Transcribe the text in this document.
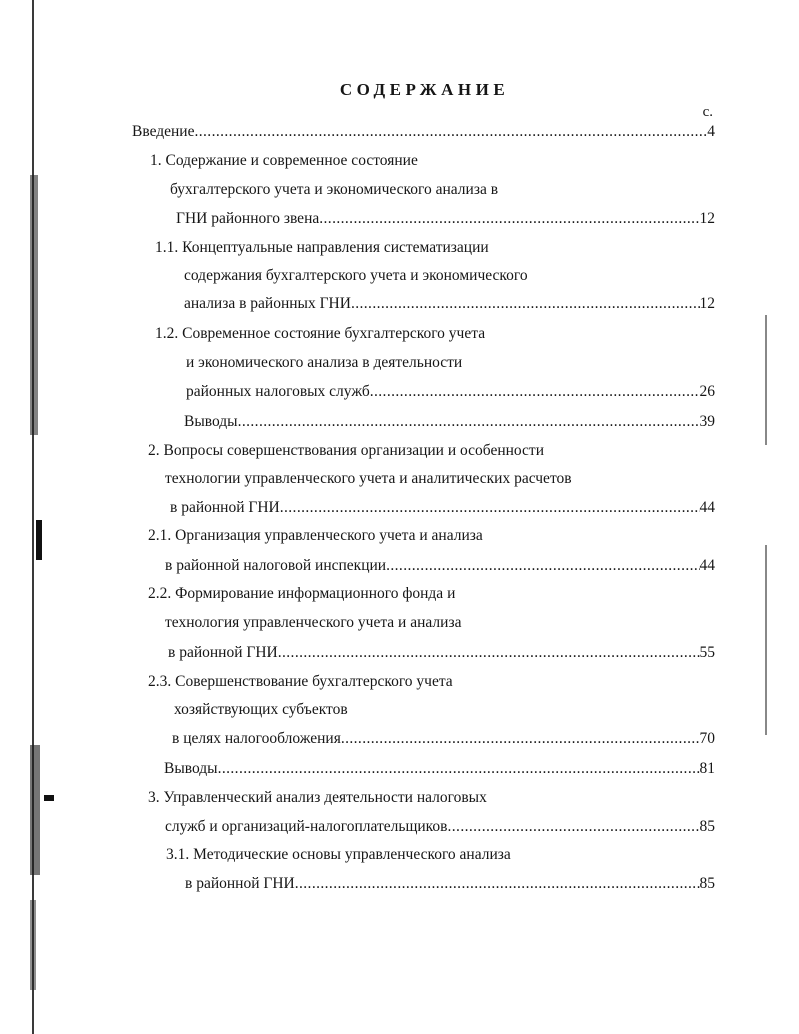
СОДЕРЖАНИЕ
с.
Введение .....	4
1. Содержание и современное состояние
бухгалтерского учета и экономического анализа в
ГНИ районного звена .....	12
1.1. Концептуальные направления систематизации
содержания бухгалтерского учета и экономического
анализа в районных ГНИ .....	12
1.2. Современное состояние бухгалтерского учета
и экономического анализа в деятельности
районных налоговых служб .....	26
Выводы .....	39
2. Вопросы совершенствования организации и особенности
технологии управленческого учета и аналитических расчетов
в районной ГНИ .....	44
2.1. Организация управленческого учета и анализа
в районной налоговой инспекции .....	44
2.2. Формирование информационного фонда и
технология управленческого учета и анализа
в районной ГНИ .....	55
2.3. Совершенствование бухгалтерского учета
хозяйствующих субъектов
в целях налогообложения .....	70
Выводы .....	81
3. Управленческий анализ деятельности налоговых
служб и организаций-налогоплательщиков .....	85
3.1. Методические основы управленческого анализа
в районной ГНИ .....	85
